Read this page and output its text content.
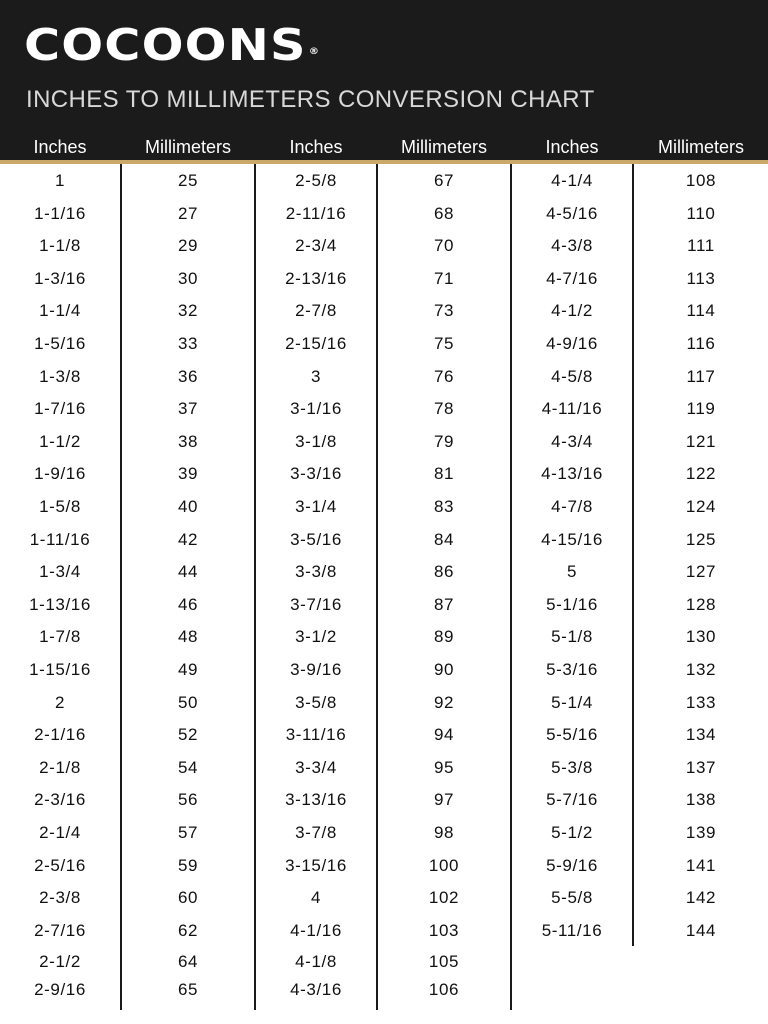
COCOONS ®
INCHES TO MILLIMETERS CONVERSION CHART
Inches	Millimeters	Inches	Millimeters	Inches	Millimeters
1	25
1-1/16	27
1-1/8	29
1-3/16	30
1-1/4	32
1-5/16	33
1-3/8	36
1-7/16	37
1-1/2	38
1-9/16	39
1-5/8	40
1-11/16	42
1-3/4	44
1-13/16	46
1-7/8	48
1-15/16	49
2	50
2-1/16	52
2-1/8	54
2-3/16	56
2-1/4	57
2-5/16	59
2-3/8	60
2-7/16	62
2-1/2	64
2-9/16	65
2-5/8	67
2-11/16	68
2-3/4	70
2-13/16	71
2-7/8	73
2-15/16	75
3	76
3-1/16	78
3-1/8	79
3-3/16	81
3-1/4	83
3-5/16	84
3-3/8	86
3-7/16	87
3-1/2	89
3-9/16	90
3-5/8	92
3-11/16	94
3-3/4	95
3-13/16	97
3-7/8	98
3-15/16	100
4	102
4-1/16	103
4-1/8	105
4-3/16	106
4-1/4	108
4-5/16	110
4-3/8	111
4-7/16	113
4-1/2	114
4-9/16	116
4-5/8	117
4-11/16	119
4-3/4	121
4-13/16	122
4-7/8	124
4-15/16	125
5	127
5-1/16	128
5-1/8	130
5-3/16	132
5-1/4	133
5-5/16	134
5-3/8	137
5-7/16	138
5-1/2	139
5-9/16	141
5-5/8	142
5-11/16	144
